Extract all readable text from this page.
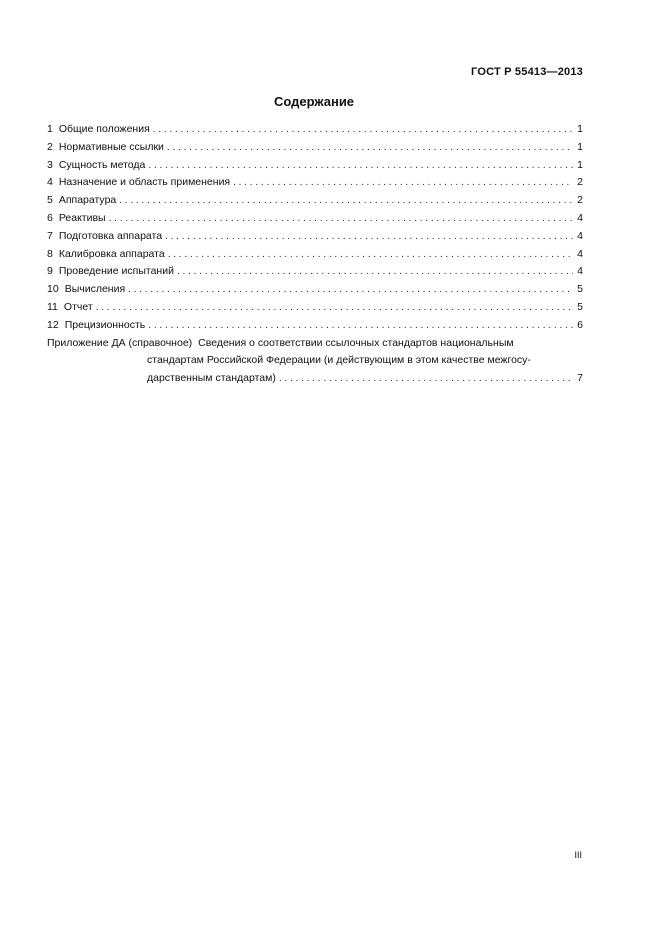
ГОСТ Р 55413—2013
Содержание
1 Общие положения . . .	1
2 Нормативные ссылки . . .	1
3 Сущность метода . . .	1
4 Назначение и область применения . . .	2
5 Аппаратура . . .	2
6 Реактивы . . .	4
7 Подготовка аппарата . . .	4
8 Калибровка аппарата . . .	4
9 Проведение испытаний . . .	4
10 Вычисления . . .	5
11 Отчет . . .	5
12 Прецизионность . . .	6
Приложение ДА (справочное) Сведения о соответствии ссылочных стандартов национальным
стандартам Российской Федерации (и действующим в этом качестве межгосу-
дарственным стандартам) . . .	7
III
